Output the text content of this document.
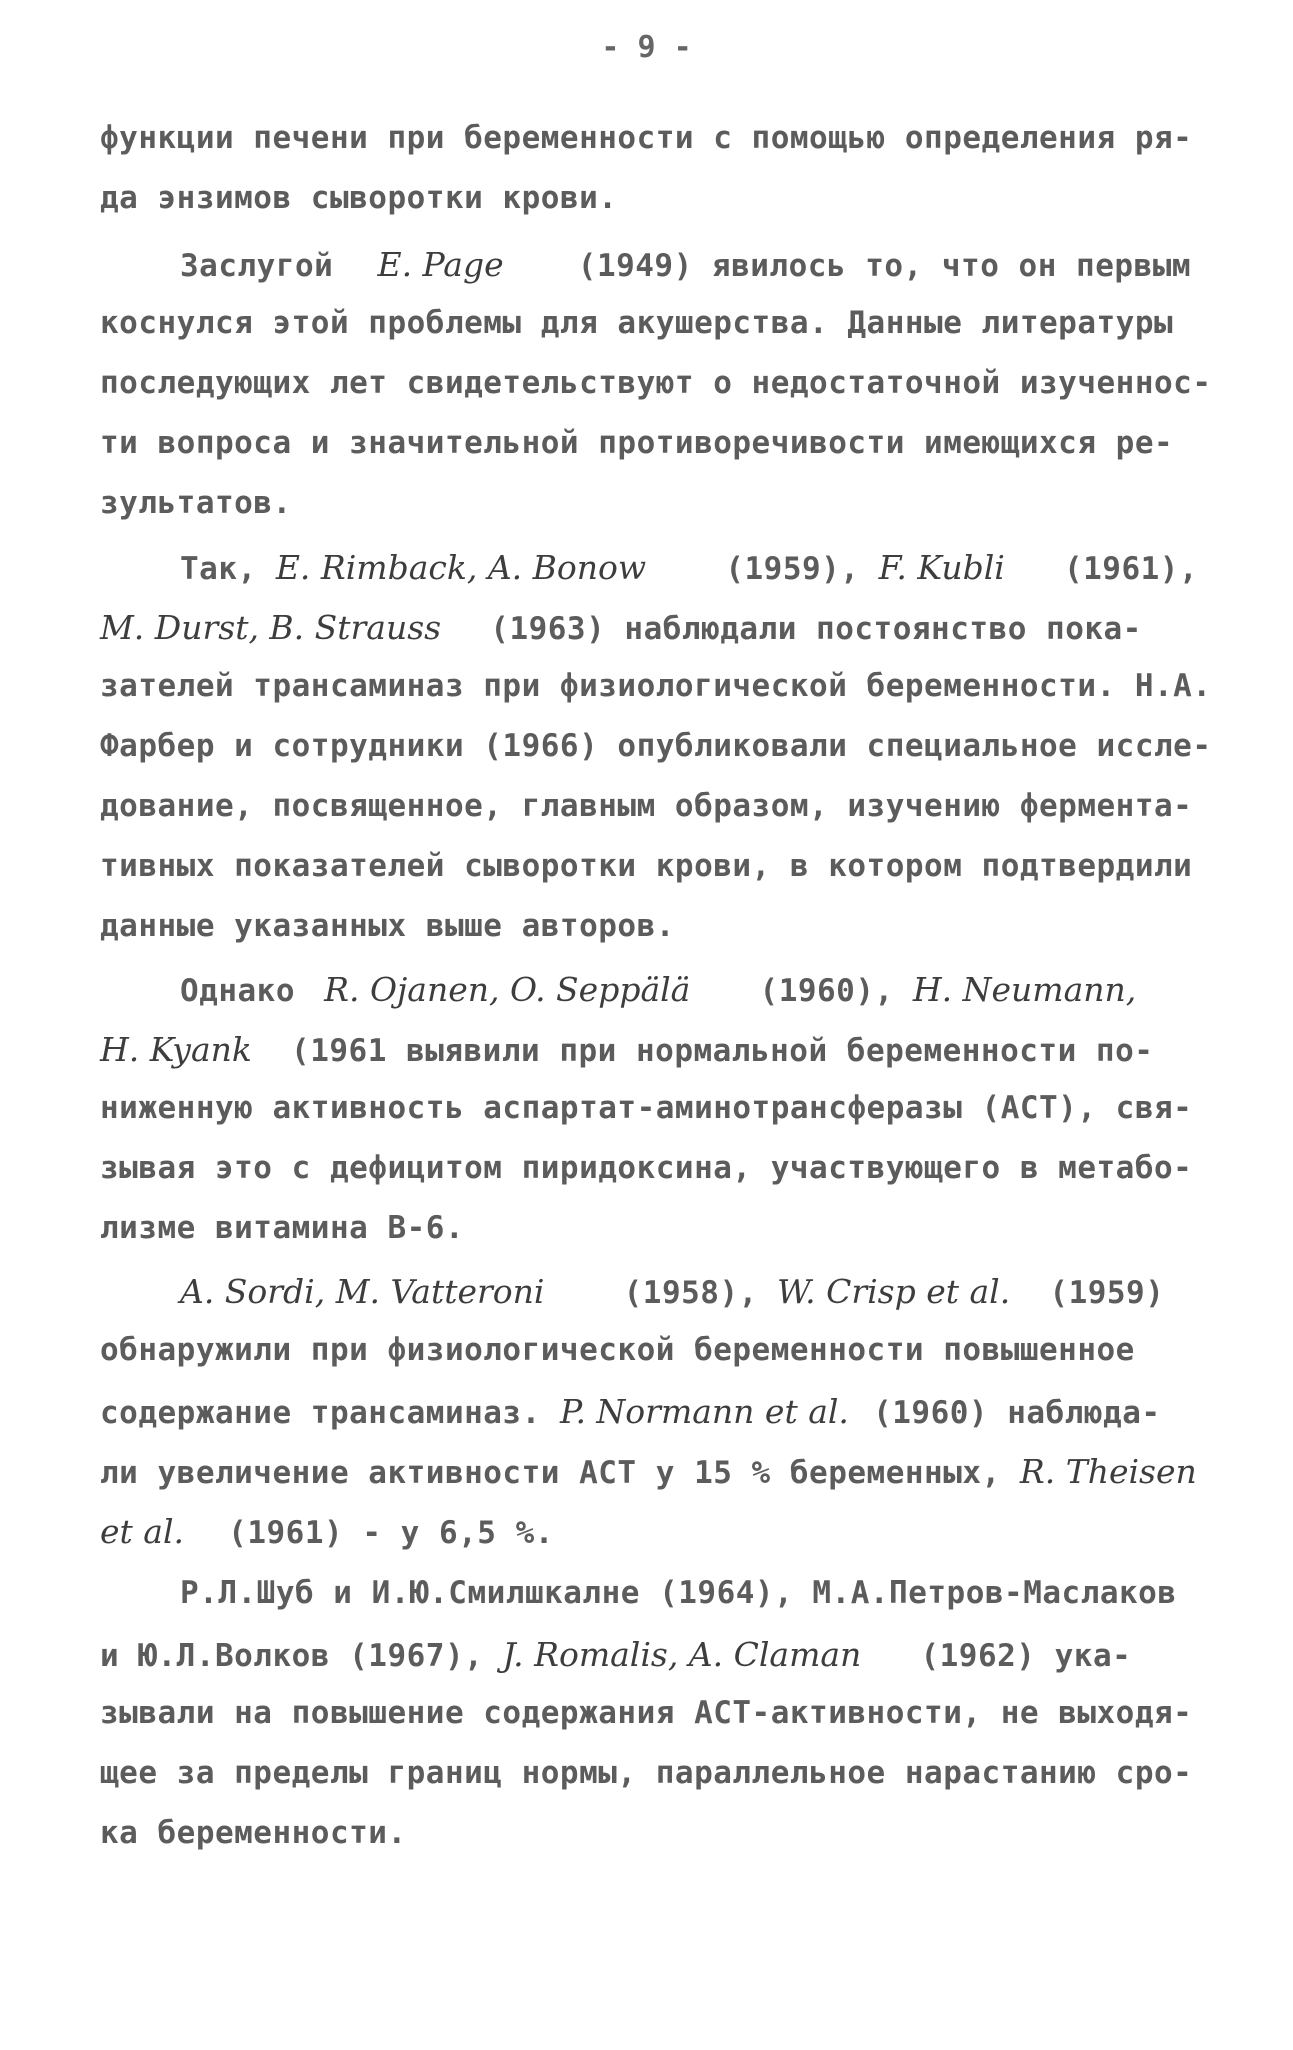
- 9 -
функции печени при беременности с помощью определения ря-
да энзимов сыворотки крови.
Заслугой E. Page (1949) явилось то, что он первым
коснулся этой проблемы для акушерства. Данные литературы
последующих лет свидетельствуют о недостаточной изученнос-
ти вопроса и значительной противоречивости имеющихся ре-
зультатов.
Так, E. Rimback, A. Bonow	(1959), F. Kubli (1961),
M. Durst, B. Strauss (1963) наблюдали постоянство пока-
зателей трансаминаз при физиологической беременности. Н.А.
Фарбер и сотрудники (1966) опубликовали специальное иссле-
дование, посвященное, главным образом, изучению фермента-
тивных показателей сыворотки крови, в котором подтвердили
данные указанных выше авторов.
Однако R. Ojanen, O. Seppälä (1960), H. Neumann,
H. Kyank (1961 выявили при нормальной беременности по-
ниженную активность аспартат-аминотрансферазы (АСТ), свя-
зывая это с дефицитом пиридоксина, участвующего в метабо-
лизме витамина В-6.
A. Sordi, M. Vatteroni	(1958), W. Crisp et al. (1959)
обнаружили при физиологической беременности повышенное
содержание трансаминаз. P. Normann et al. (1960) наблюда-
ли увеличение активности АСТ у 15 % беременных, R. Theisen
et al. (1961) - у 6,5 %.
Р.Л.Шуб и И.Ю.Смилшкалне (1964), М.А.Петров-Маслаков
и Ю.Л.Волков (1967), J. Romalis, A. Claman (1962) ука-
зывали на повышение содержания АСТ-активности, не выходя-
щее за пределы границ нормы, параллельное нарастанию сро-
ка беременности.
